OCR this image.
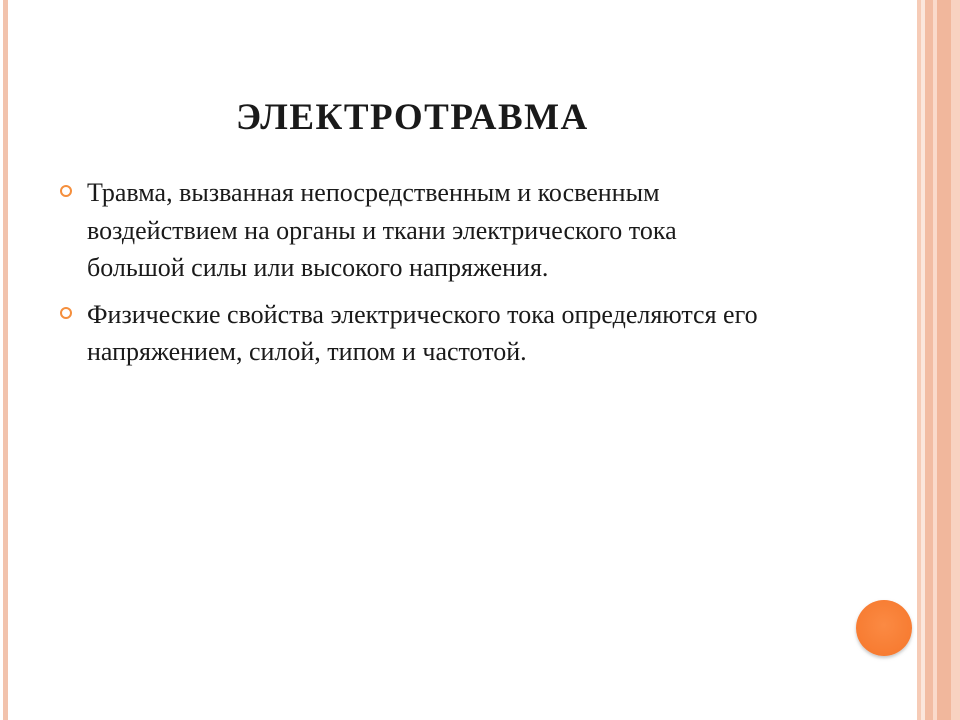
ЭЛЕКТРОТРАВМА
Травма, вызванная непосредственным и косвенным воздействием на органы и ткани электрического тока большой силы или высокого напряжения.
Физические свойства электрического тока определяются его напряжением, силой, типом и частотой.
